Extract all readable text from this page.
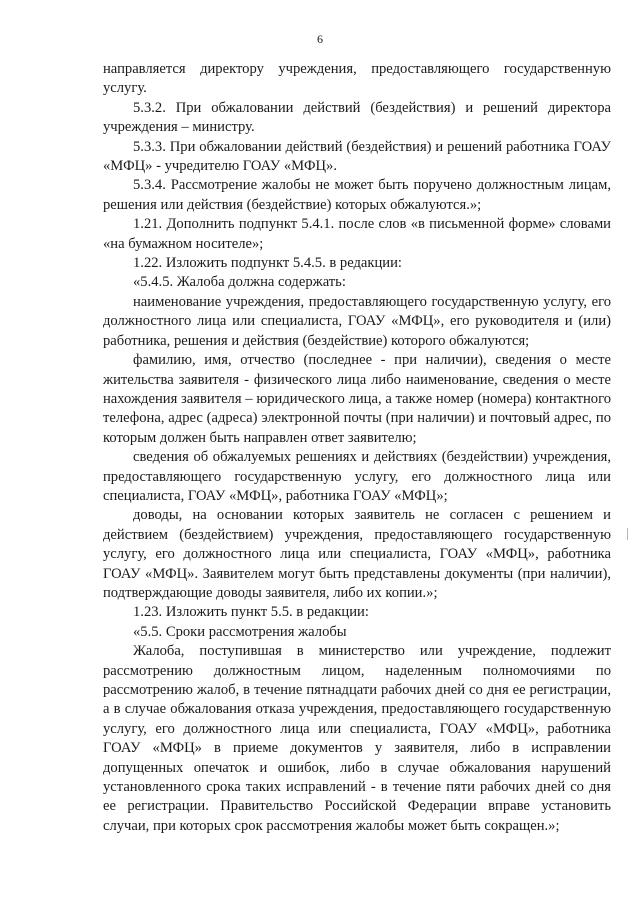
6

направляется директору учреждения, предоставляющего государственную услугу.

5.3.2. При обжаловании действий (бездействия) и решений директора учреждения – министру.

5.3.3. При обжаловании действий (бездействия) и решений работника ГОАУ «МФЦ» - учредителю ГОАУ «МФЦ».

5.3.4. Рассмотрение жалобы не может быть поручено должностным лицам, решения или действия (бездействие) которых обжалуются.»;

1.21. Дополнить подпункт 5.4.1. после слов «в письменной форме» словами «на бумажном носителе»;

1.22. Изложить подпункт 5.4.5. в редакции:

«5.4.5. Жалоба должна содержать:

наименование учреждения, предоставляющего государственную услугу, его должностного лица или специалиста, ГОАУ «МФЦ», его руководителя и (или) работника, решения и действия (бездействие) которого обжалуются;

фамилию, имя, отчество (последнее - при наличии), сведения о месте жительства заявителя - физического лица либо наименование, сведения о месте нахождения заявителя – юридического лица, а также номер (номера) контактного телефона, адрес (адреса) электронной почты (при наличии) и почтовый адрес, по которым должен быть направлен ответ заявителю;

сведения об обжалуемых решениях и действиях (бездействии) учреждения, предоставляющего государственную услугу, его должностного лица или специалиста, ГОАУ «МФЦ», работника ГОАУ «МФЦ»;

доводы, на основании которых заявитель не согласен с решением и действием (бездействием) учреждения, предоставляющего государственную услугу, его должностного лица или специалиста, ГОАУ «МФЦ», работника ГОАУ «МФЦ». Заявителем могут быть представлены документы (при наличии), подтверждающие доводы заявителя, либо их копии.»;

1.23. Изложить пункт 5.5. в редакции:

«5.5. Сроки рассмотрения жалобы

Жалоба, поступившая в министерство или учреждение, подлежит рассмотрению должностным лицом, наделенным полномочиями по рассмотрению жалоб, в течение пятнадцати рабочих дней со дня ее регистрации, а в случае обжалования отказа учреждения, предоставляющего государственную услугу, его должностного лица или специалиста, ГОАУ «МФЦ», работника ГОАУ «МФЦ» в приеме документов у заявителя, либо в исправлении допущенных опечаток и ошибок, либо в случае обжалования нарушений установленного срока таких исправлений - в течение пяти рабочих дней со дня ее регистрации. Правительство Российской Федерации вправе установить случаи, при которых срок рассмотрения жалобы может быть сокращен.»;
